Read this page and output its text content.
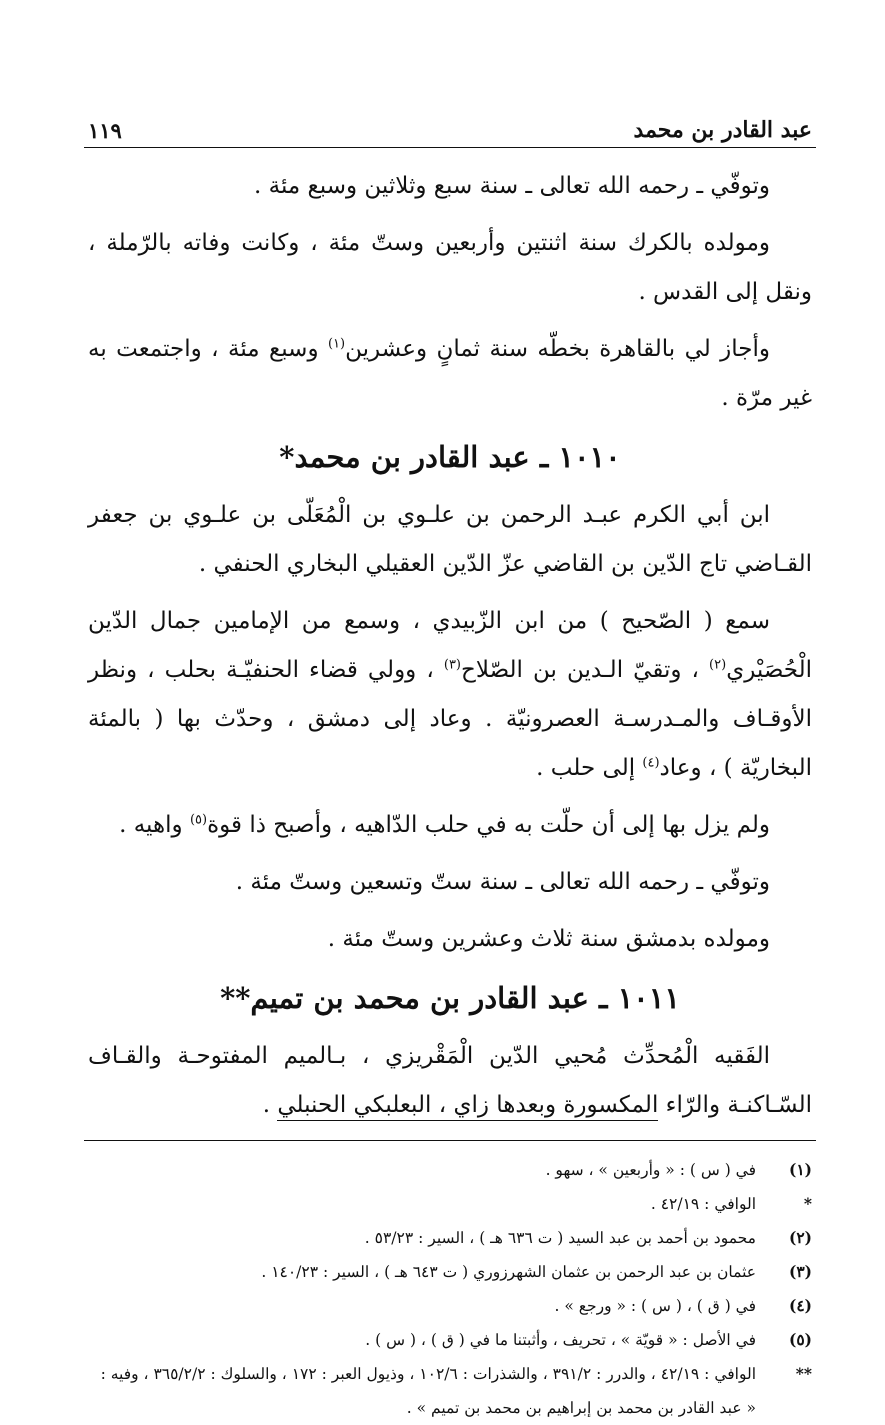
عبد القادر بن محمد
١١٩

وتوفّي ـ رحمه الله تعالى ـ سنة سبع وثلاثين وسبع مئة .

ومولده بالكرك سنة اثنتين وأربعين وستّ مئة ، وكانت وفاته بالرّملة ، ونقل إلى القدس .

وأجاز لي بالقاهرة بخطّه سنة ثمانٍ وعشرين$^{(١)}$ وسبع مئة ، واجتمعت به غير مرّة .

١٠١٠ ـ عبد القادر بن محمد*

ابن أبي الكرم عبـد الرحمن بن علـوي بن الْمُعَلّى بن علـوي بن جعفر القـاضي تاج الدّين بن القاضي عزّ الدّين العقيلي البخاري الحنفي .

سمع ( الصّحيح ) من ابن الزّبيدي ، وسمع من الإمامين جمال الدّين الْحُصَيْري$^{(٢)}$ ، وتقيّ الـدين بن الصّلاح$^{(٣)}$ ، وولي قضاء الحنفيّـة بحلب ، ونظر الأوقـاف والمـدرسـة العصرونيّة . وعاد إلى دمشق ، وحدّث بها ( بالمئة البخاريّة ) ، وعاد$^{(٤)}$ إلى حلب .

ولم يزل بها إلى أن حلّت به في حلب الدّاهيه ، وأصبح ذا قوة$^{(٥)}$ واهيه .

وتوفّي ـ رحمه الله تعالى ـ سنة ستّ وتسعين وستّ مئة .

ومولده بدمشق سنة ثلاث وعشرين وستّ مئة .

١٠١١ ـ عبد القادر بن محمد بن تميم**

الفَقيه الْمُحدِّث مُحيي الدّين الْمَقْريزي ، بـالميم المفتوحـة والقـاف السّـاكنـة والرّاء المكسورة وبعدها زاي ، البعلبكي الحنبلي .

(١)
في ( س ) : « وأربعين » ، سهو .
*
الوافي : ٤٢/١٩ .
(٢)
محمود بن أحمد بن عبد السيد ( ت ٦٣٦ هـ ) ، السير : ٥٣/٢٣ .
(٣)
عثمان بن عبد الرحمن بن عثمان الشهرزوري ( ت ٦٤٣ هـ ) ، السير : ١٤٠/٢٣ .
(٤)
في ( ق ) ، ( س ) : « ورجع » .
(٥)
في الأصل : « قويّة » ، تحريف ، وأثبتنا ما في ( ق ) ، ( س ) .
**
الوافي : ٤٢/١٩ ، والدرر : ٣٩١/٢ ، والشذرات : ١٠٢/٦ ، وذيول العبر : ١٧٢ ، والسلوك : ٣٦٥/٢/٢ ، وفيه : « عبد القادر بن محمد بن إبراهيم بن محمد بن تميم » .
